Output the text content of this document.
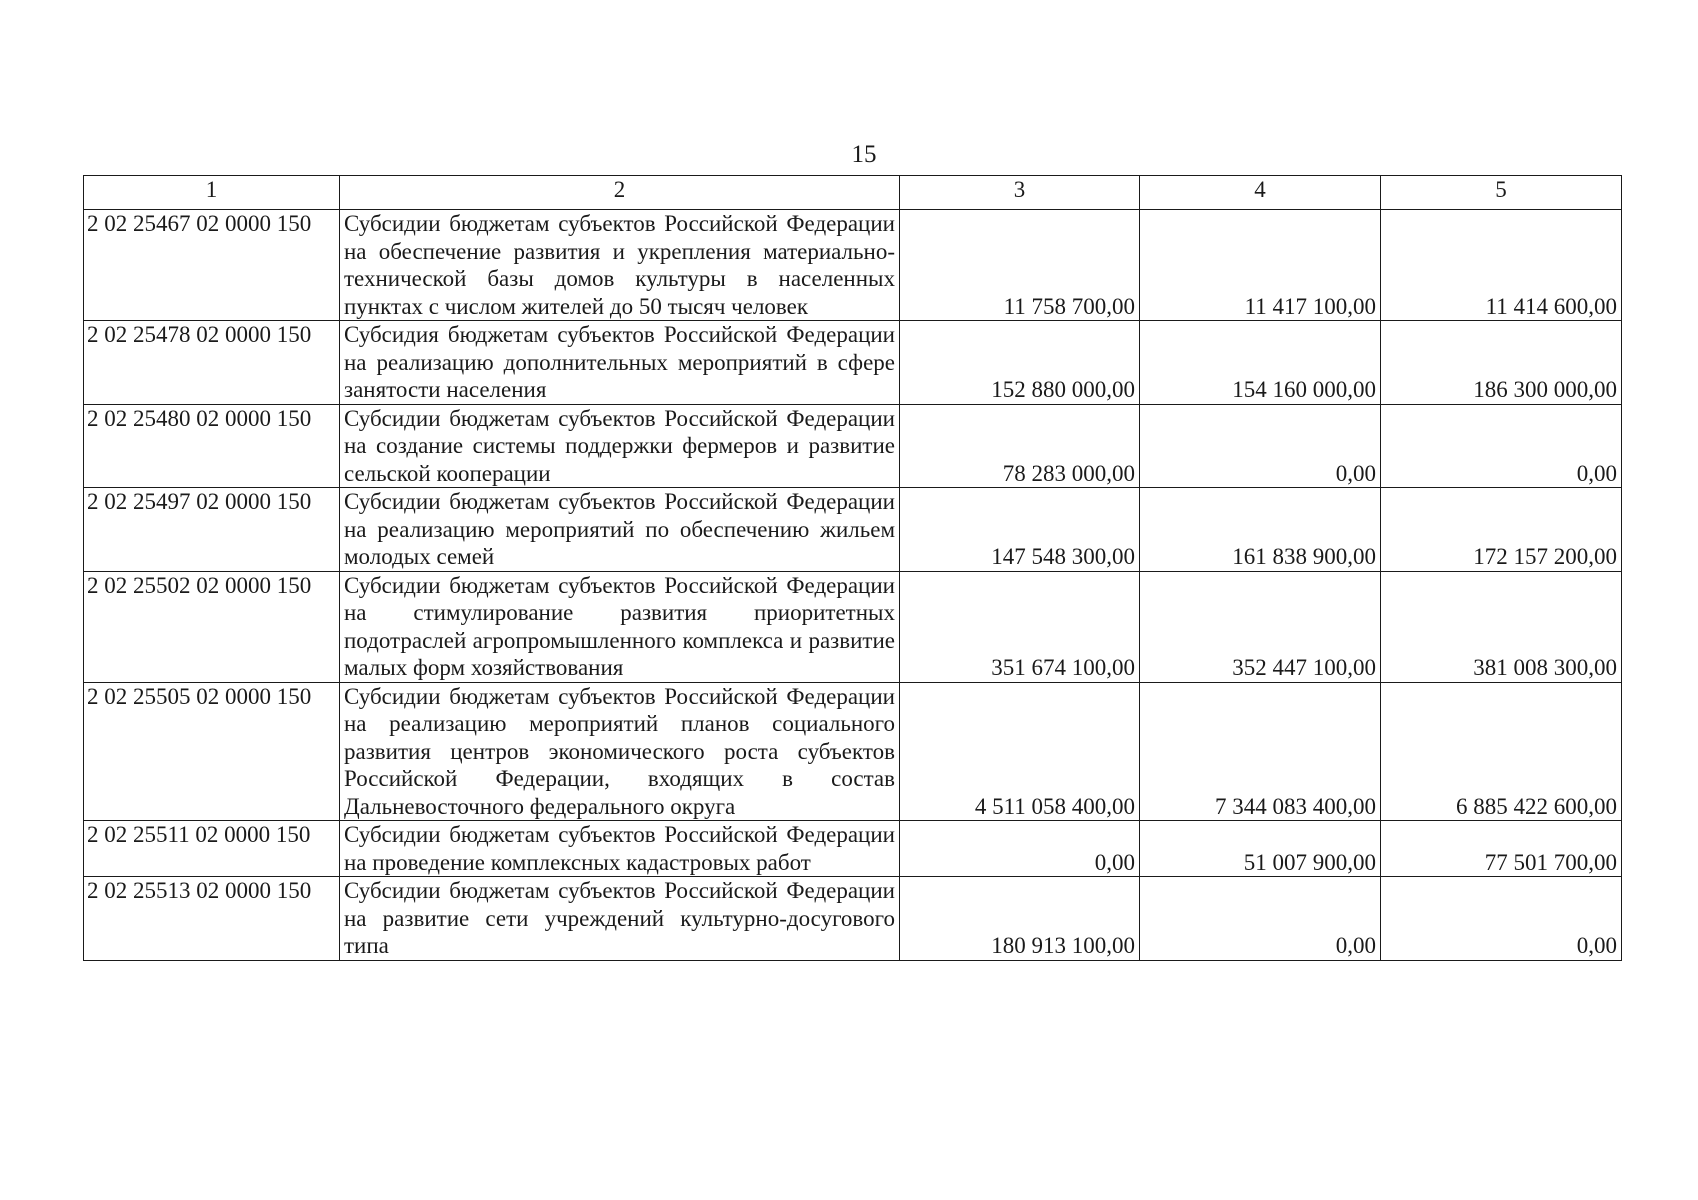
15
1	2	3	4	5
2 02 25467 02 0000 150	Субсидии бюджетам субъектов Российской Федерации на обеспечение развития и укрепления материально-технической базы домов культуры в населенных пунктах с числом жителей до 50 тысяч человек	11 758 700,00	11 417 100,00	11 414 600,00
2 02 25478 02 0000 150	Субсидия бюджетам субъектов Российской Федерации на реализацию дополнительных мероприятий в сфере занятости населения	152 880 000,00	154 160 000,00	186 300 000,00
2 02 25480 02 0000 150	Субсидии бюджетам субъектов Российской Федерации на создание системы поддержки фермеров и развитие сельской кооперации	78 283 000,00	0,00	0,00
2 02 25497 02 0000 150	Субсидии бюджетам субъектов Российской Федерации на реализацию мероприятий по обеспечению жильем молодых семей	147 548 300,00	161 838 900,00	172 157 200,00
2 02 25502 02 0000 150	Субсидии бюджетам субъектов Российской Федерации на стимулирование развития приоритетных подотраслей агропромышленного комплекса и развитие малых форм хозяйствования	351 674 100,00	352 447 100,00	381 008 300,00
2 02 25505 02 0000 150	Субсидии бюджетам субъектов Российской Федерации на реализацию мероприятий планов социального развития центров экономического роста субъектов Российской Федерации, входящих в состав Дальневосточного федерального округа	4 511 058 400,00	7 344 083 400,00	6 885 422 600,00
2 02 25511 02 0000 150	Субсидии бюджетам субъектов Российской Федерации на проведение комплексных кадастровых работ	0,00	51 007 900,00	77 501 700,00
2 02 25513 02 0000 150	Субсидии бюджетам субъектов Российской Федерации на развитие сети учреждений культурно-досугового типа	180 913 100,00	0,00	0,00
